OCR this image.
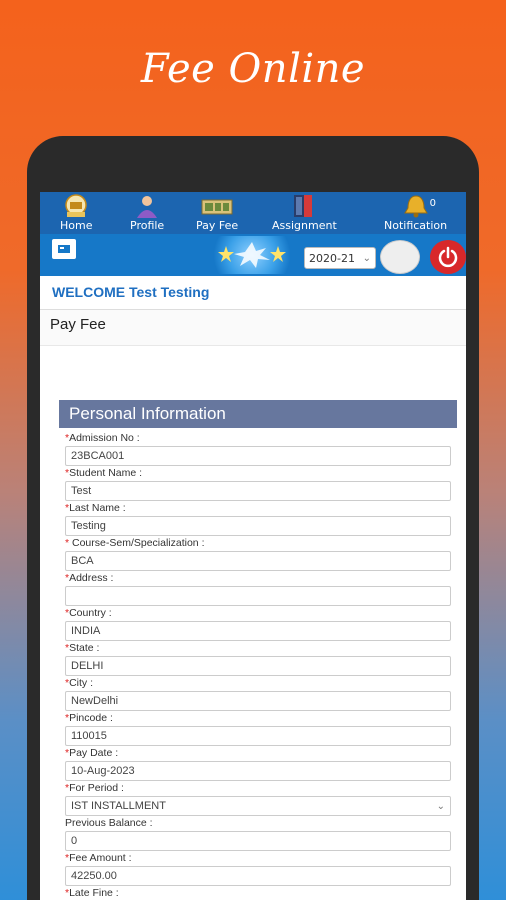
Fee Online
Home	Profile	Pay Fee	Assignment	Notification
0
2020-21 ⌄
WELCOME Test Testing
Pay Fee
Personal Information
*Admission No :
23BCA001
*Student Name :
Test
*Last Name :
Testing
* Course-Sem/Specialization :
BCA
*Address :
*Country :
INDIA
*State :
DELHI
*City :
NewDelhi
*Pincode :
110015
*Pay Date :
10-Aug-2023
*For Period :
IST INSTALLMENT	⌄
Previous Balance :
0
*Fee Amount :
42250.00
*Late Fine :
